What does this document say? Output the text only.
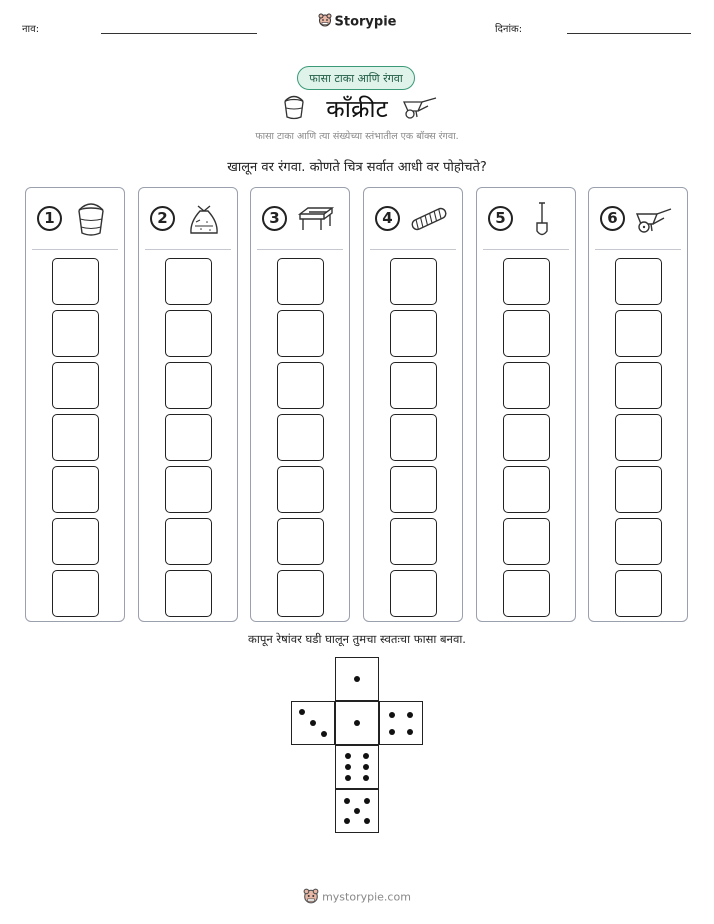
नाव:	Storypie	दिनांक:
फासा टाका आणि रंगवा
काँक्रीट
फासा टाका आणि त्या संख्येच्या स्तंभातील एक बॉक्स रंगवा.
खालून वर रंगवा. कोणते चित्र सर्वात आधी वर पोहोचते?
1	2	3	4	5	6
कापून रेषांवर घडी घालून तुमचा स्वतःचा फासा बनवा.
mystorypie.com
